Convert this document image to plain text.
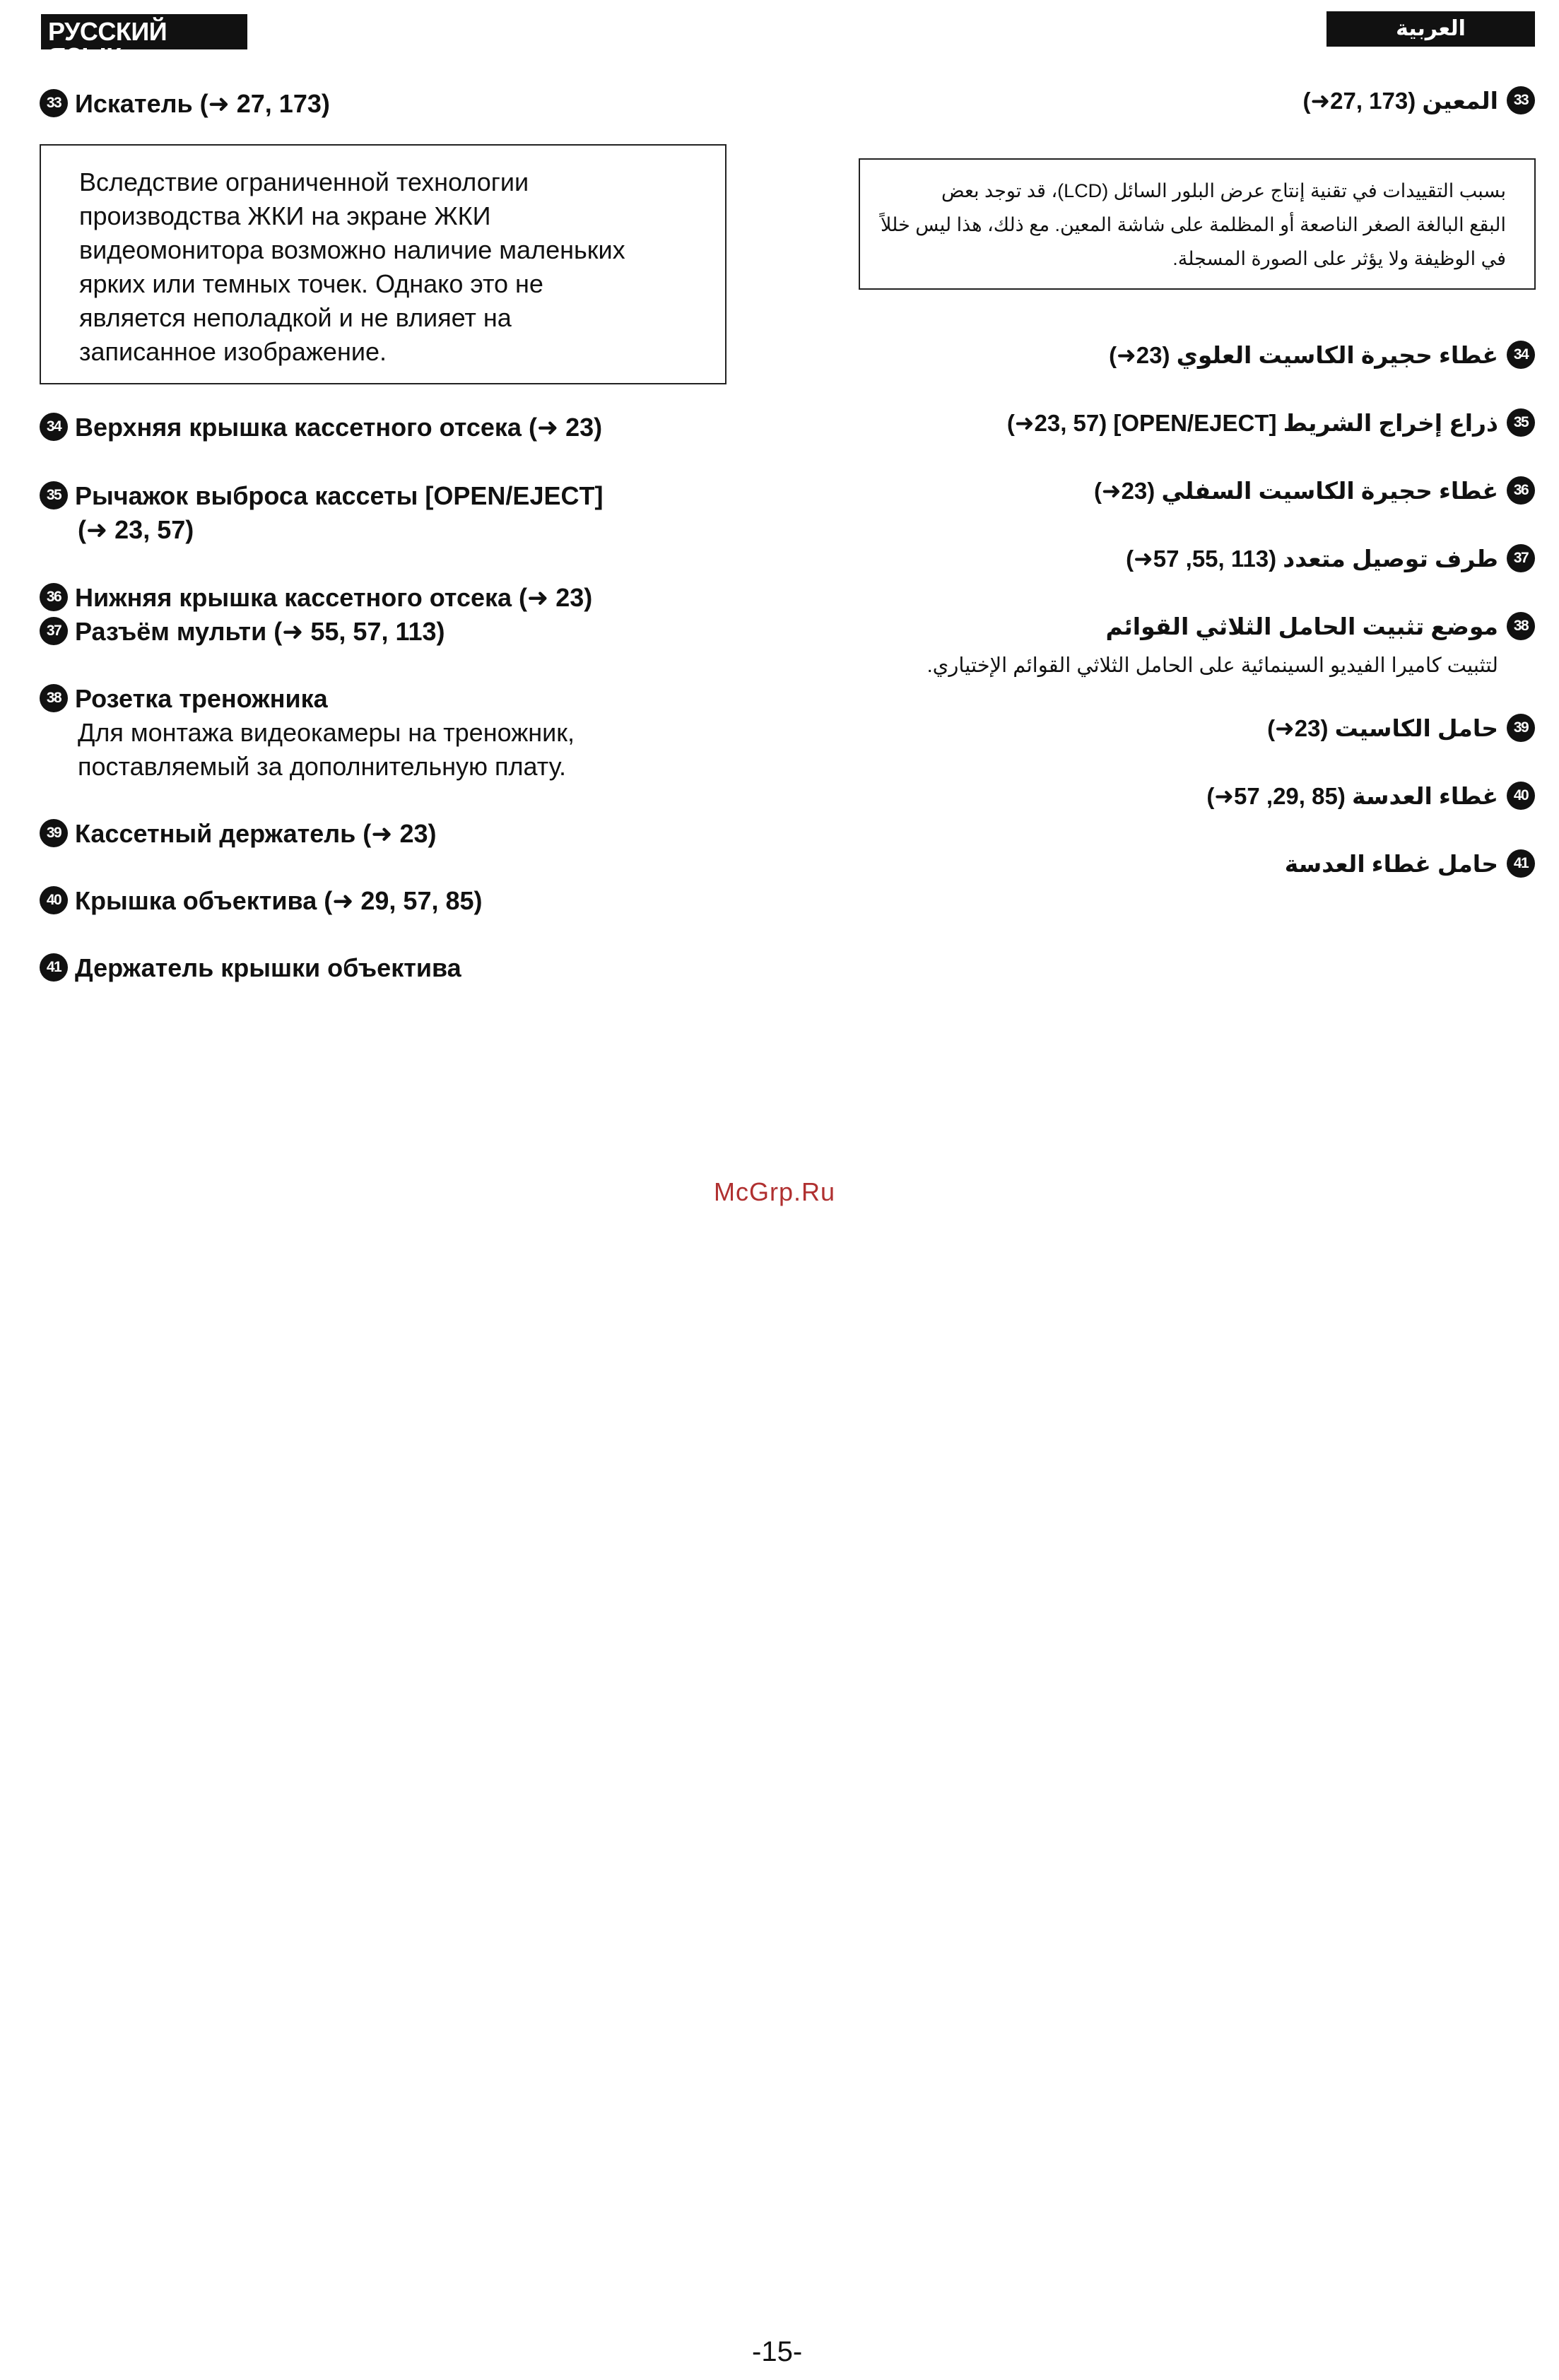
РУССКИЙ ЯЗЫК
العربية
33 Искатель (➜ 27, 173)

Вследствие ограниченной технологии

производства ЖКИ на экране ЖКИ

видеомонитора возможно наличие маленьких

ярких или темных точек. Однако это не

является неполадкой и не влияет на

записанное изображение.

34 Верхняя крышка кассетного отсека (➜ 23)
35 Рычажок выброса кассеты [OPEN/EJECT]
(➜ 23, 57)
36 Нижняя крышка кассетного отсека (➜ 23)
37 Разъём мульти (➜ 55, 57, 113)
38 Розетка треножника
Для монтажа видеокамеры на треножник,
поставляемый за дополнительную плату.
39 Кассетный держатель (➜ 23)
40 Крышка объектива (➜ 29, 57, 85)
41 Держатель крышки объектива
33المعين (173 ,27➜)

بسبب التقييدات في تقنية إنتاج عرض البلور السائل (LCD)، قد توجد بعض

البقع البالغة الصغر الناصعة أو المظلمة على شاشة المعين. مع ذلك، هذا ليس خللاً

في الوظيفة ولا يؤثر على الصورة المسجلة.

34غطاء حجيرة الكاسيت العلوي (23➜)
35ذراع إخراج الشريط [OPEN/EJECT] (23, 57➜)
36غطاء حجيرة الكاسيت السفلي (23➜)
37طرف توصيل متعدد (113 ,55, 57➜)
38موضع تثبيت الحامل الثلاثي القوائم
لتثبيت كاميرا الفيديو السينمائية على الحامل الثلاثي القوائم الإختياري.
39حامل الكاسيت (23➜)
40غطاء العدسة (85 ,29, 57➜)
41حامل غطاء العدسة
McGrp.Ru
-15-
